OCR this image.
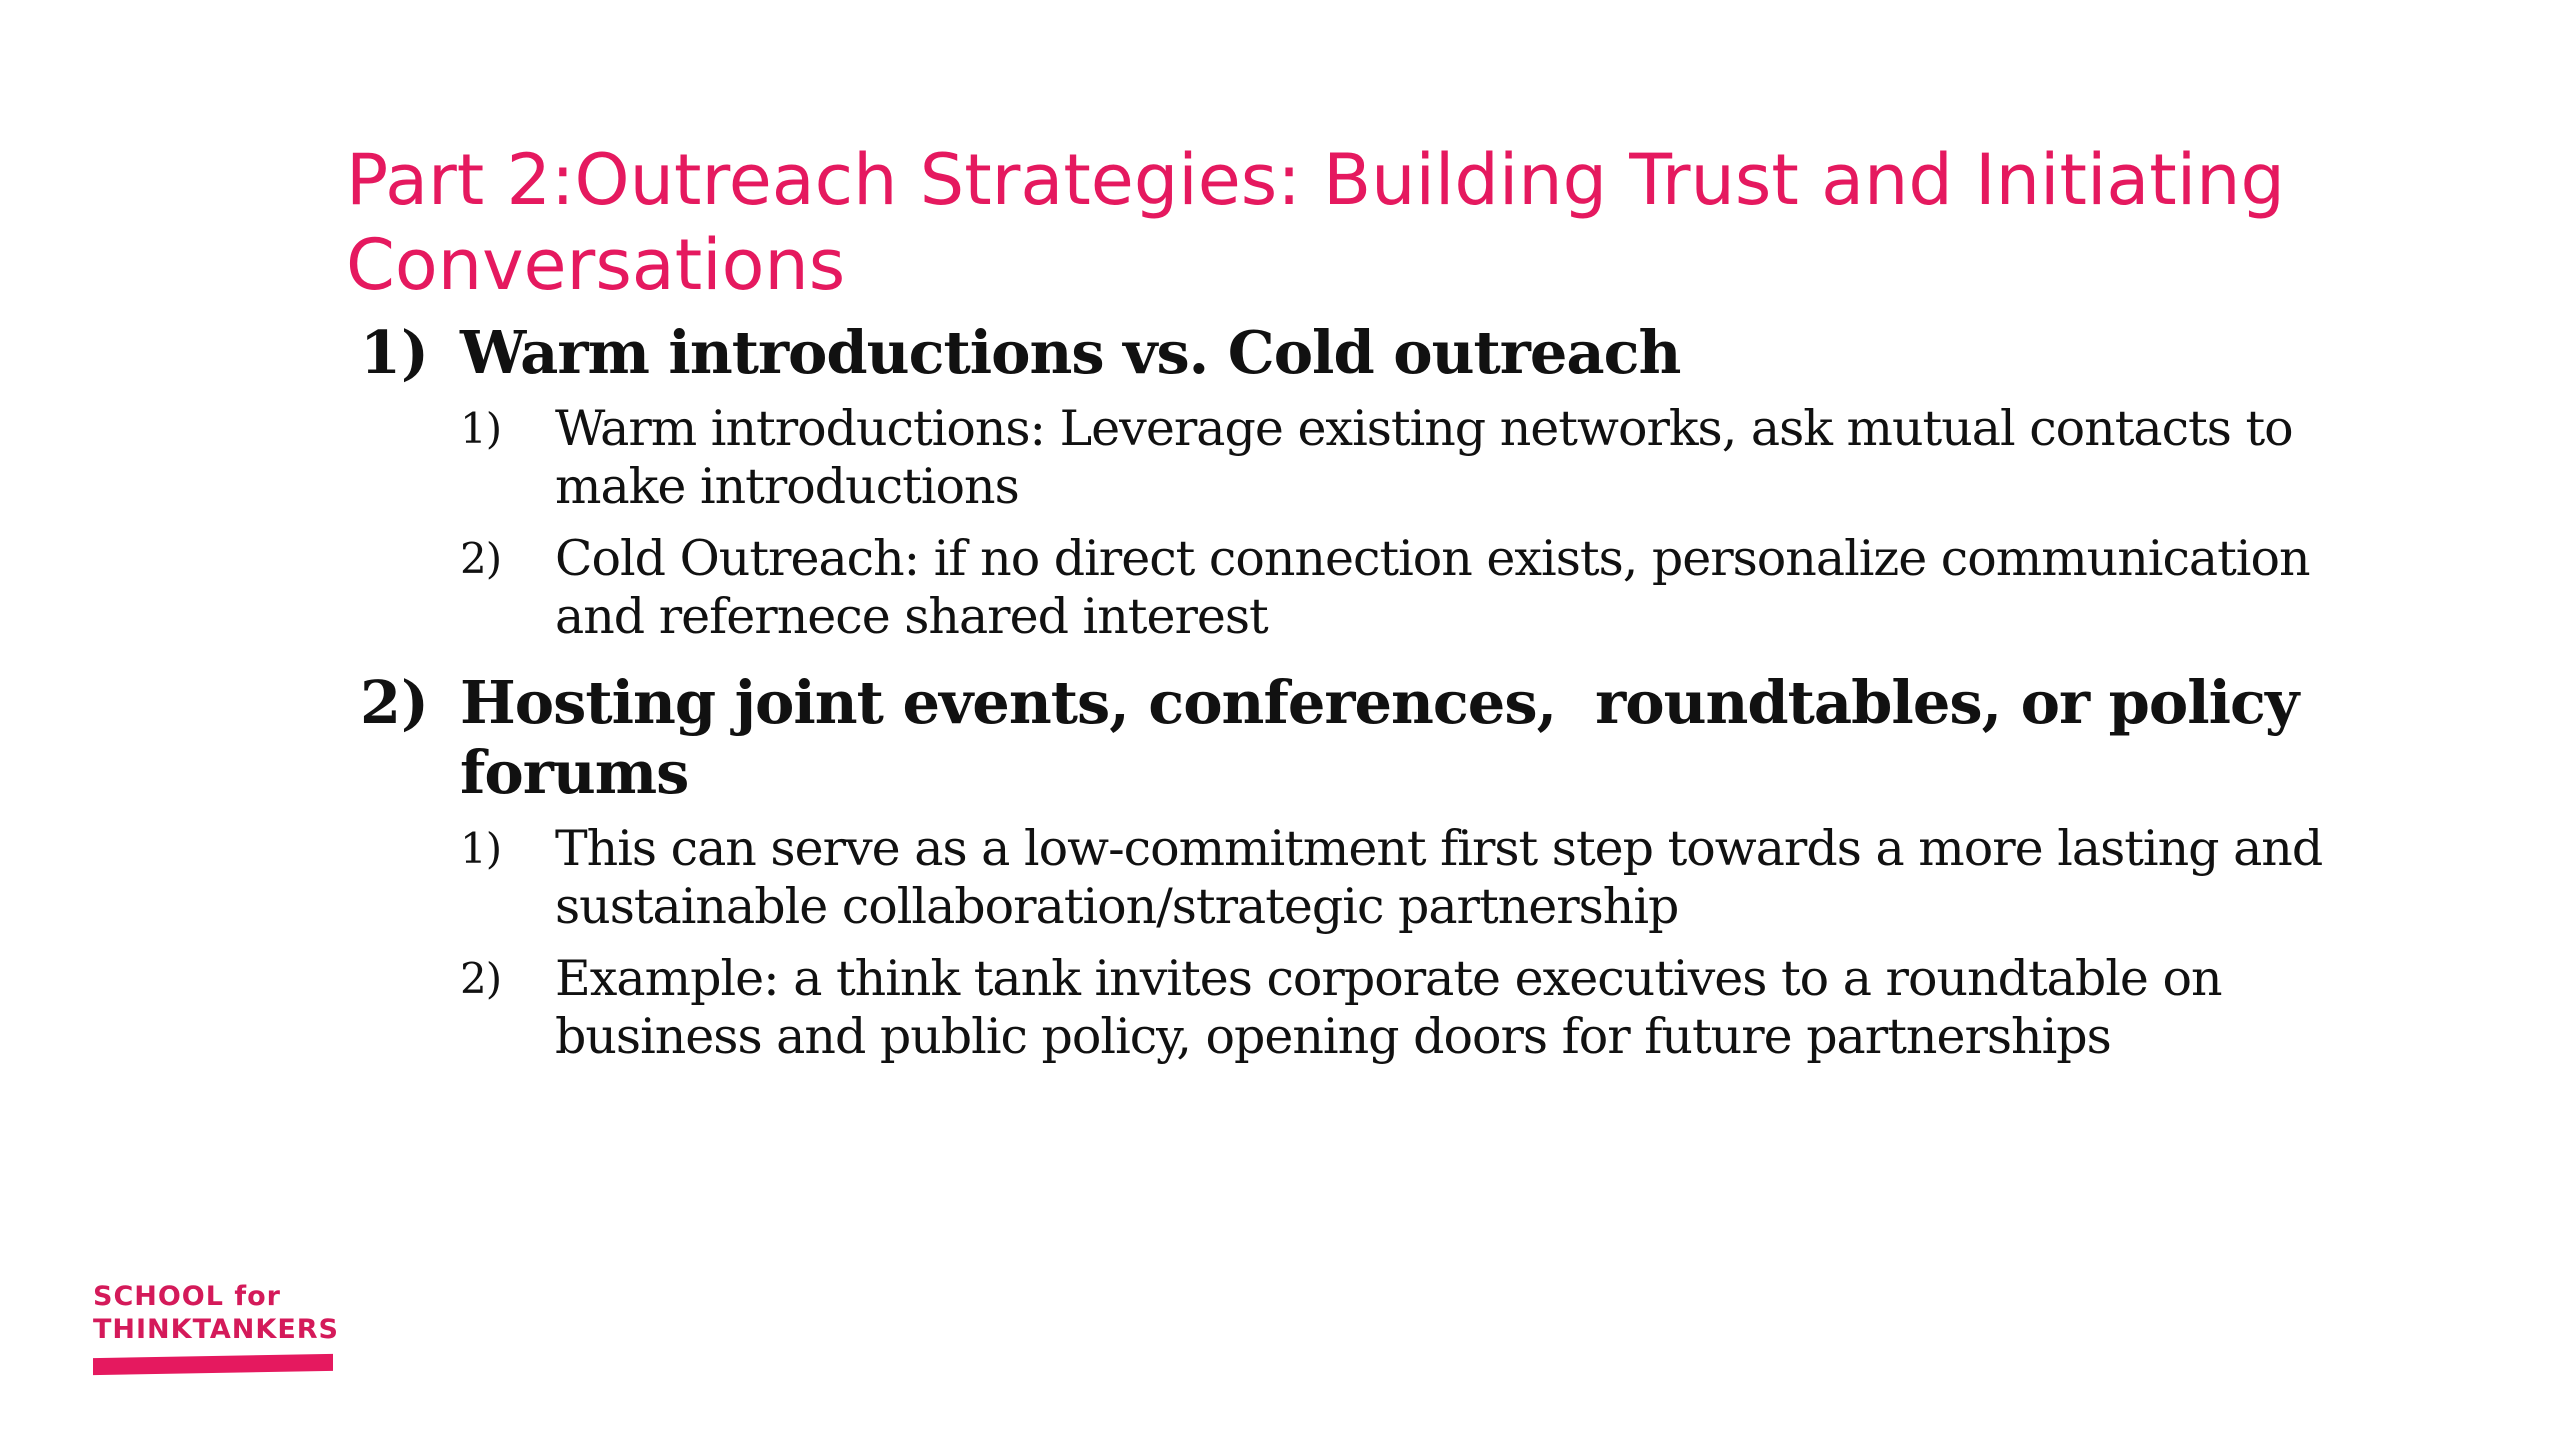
Part 2:Outreach Strategies: Building Trust and Initiating Conversations
1) Warm introductions vs. Cold outreach
1) Warm introductions: Leverage existing networks, ask mutual contacts to make introductions
2) Cold Outreach: if no direct connection exists, personalize communication and refernece shared interest
2) Hosting joint events, conferences,  roundtables, or policy forums
1) This can serve as a low-commitment first step towards a more lasting and sustainable collaboration/strategic partnership
2) Example: a think tank invites corporate executives to a roundtable on business and public policy, opening doors for future partnerships
SCHOOL for
THINKTANKERS
